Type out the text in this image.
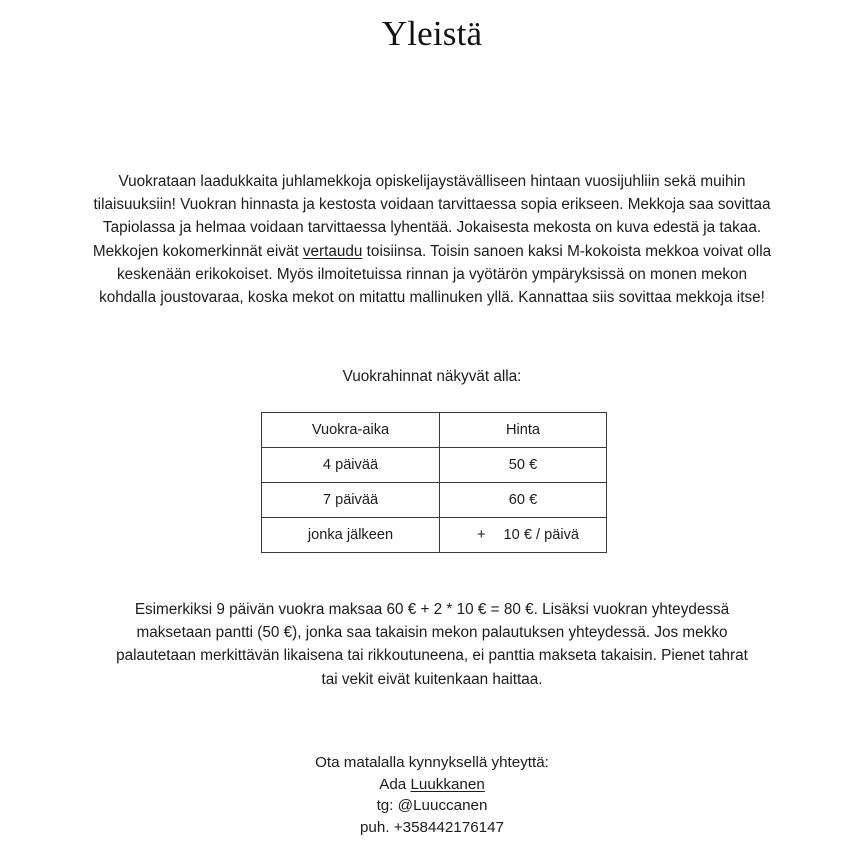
Yleistä
Vuokrataan laadukkaita juhlamekkoja opiskelijaystävälliseen hintaan vuosijuhliin sekä muihin tilaisuuksiin! Vuokran hinnasta ja kestosta voidaan tarvittaessa sopia erikseen. Mekkoja saa sovittaa Tapiolassa ja helmaa voidaan tarvittaessa lyhentää. Jokaisesta mekosta on kuva edestä ja takaa. Mekkojen kokomerkinnät eivät vertaudu toisiinsa. Toisin sanoen kaksi M-kokoista mekkoa voivat olla keskenään erikokoiset. Myös ilmoitetuissa rinnan ja vyötärön ympäryksissä on monen mekon kohdalla joustovaraa, koska mekot on mitattu mallinuken yllä. Kannattaa siis sovittaa mekkoja itse!
Vuokrahinnat näkyvät alla:
Vuokra-aika	Hinta
4 päivää	50 €
7 päivää	60 €
jonka jälkeen	+ 10 € / päivä
Esimerkiksi 9 päivän vuokra maksaa 60 € + 2 * 10 € = 80 €. Lisäksi vuokran yhteydessä maksetaan pantti (50 €), jonka saa takaisin mekon palautuksen yhteydessä. Jos mekko palautetaan merkittävän likaisena tai rikkoutuneena, ei panttia makseta takaisin. Pienet tahrat tai vekit eivät kuitenkaan haittaa.
Ota matalalla kynnyksellä yhteyttä:
Ada Luukkanen
tg: @Luuccanen
puh. +358442176147
